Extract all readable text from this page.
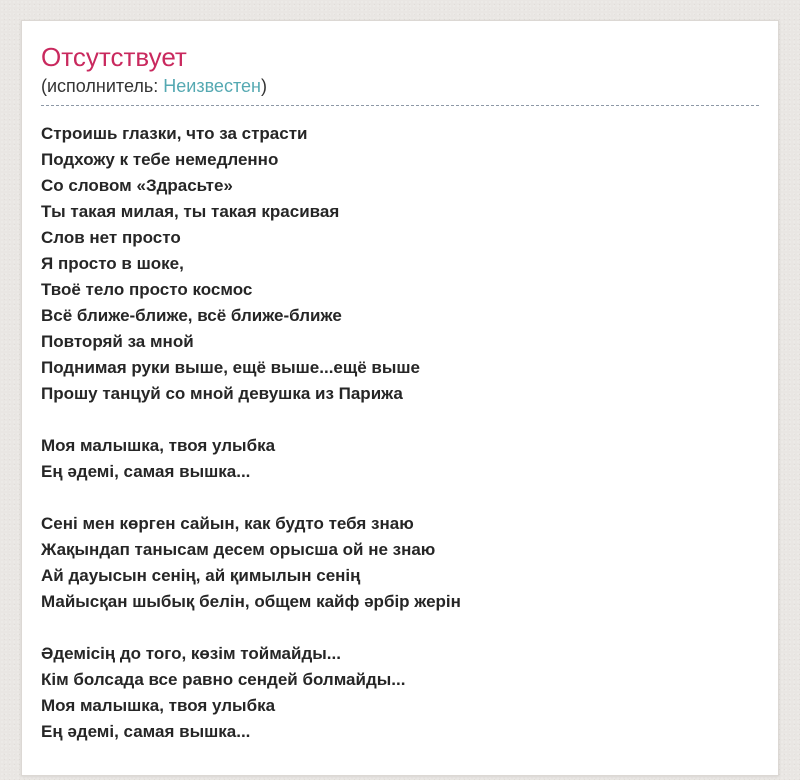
Отсутствует
(исполнитель: Неизвестен)
Строишь глазки, что за страсти
Подхожу к тебе немедленно
Со словом «Здрасьте»
Ты такая милая, ты такая красивая
Слов нет просто
Я просто в шоке,
Твоё тело просто космос
Всё ближе-ближе, всё ближе-ближе
Повторяй за мной
Поднимая руки выше, ещё выше...ещё выше
Прошу танцуй со мной девушка из Парижа
Моя малышка, твоя улыбка
Ең әдемі, самая вышка...
Сені мен көрген сайын, как будто тебя знаю
Жақындап танысам десем орысша ой не знаю
Ай дауысын сенің, ай қимылын сенің
Майысқан шыбық белін, общем кайф әрбір жерін
Әдемісің до того, көзім тоймайды...
Кім болсада все равно сендей болмайды...
Моя малышка, твоя улыбка
Ең әдемі, самая вышка...
